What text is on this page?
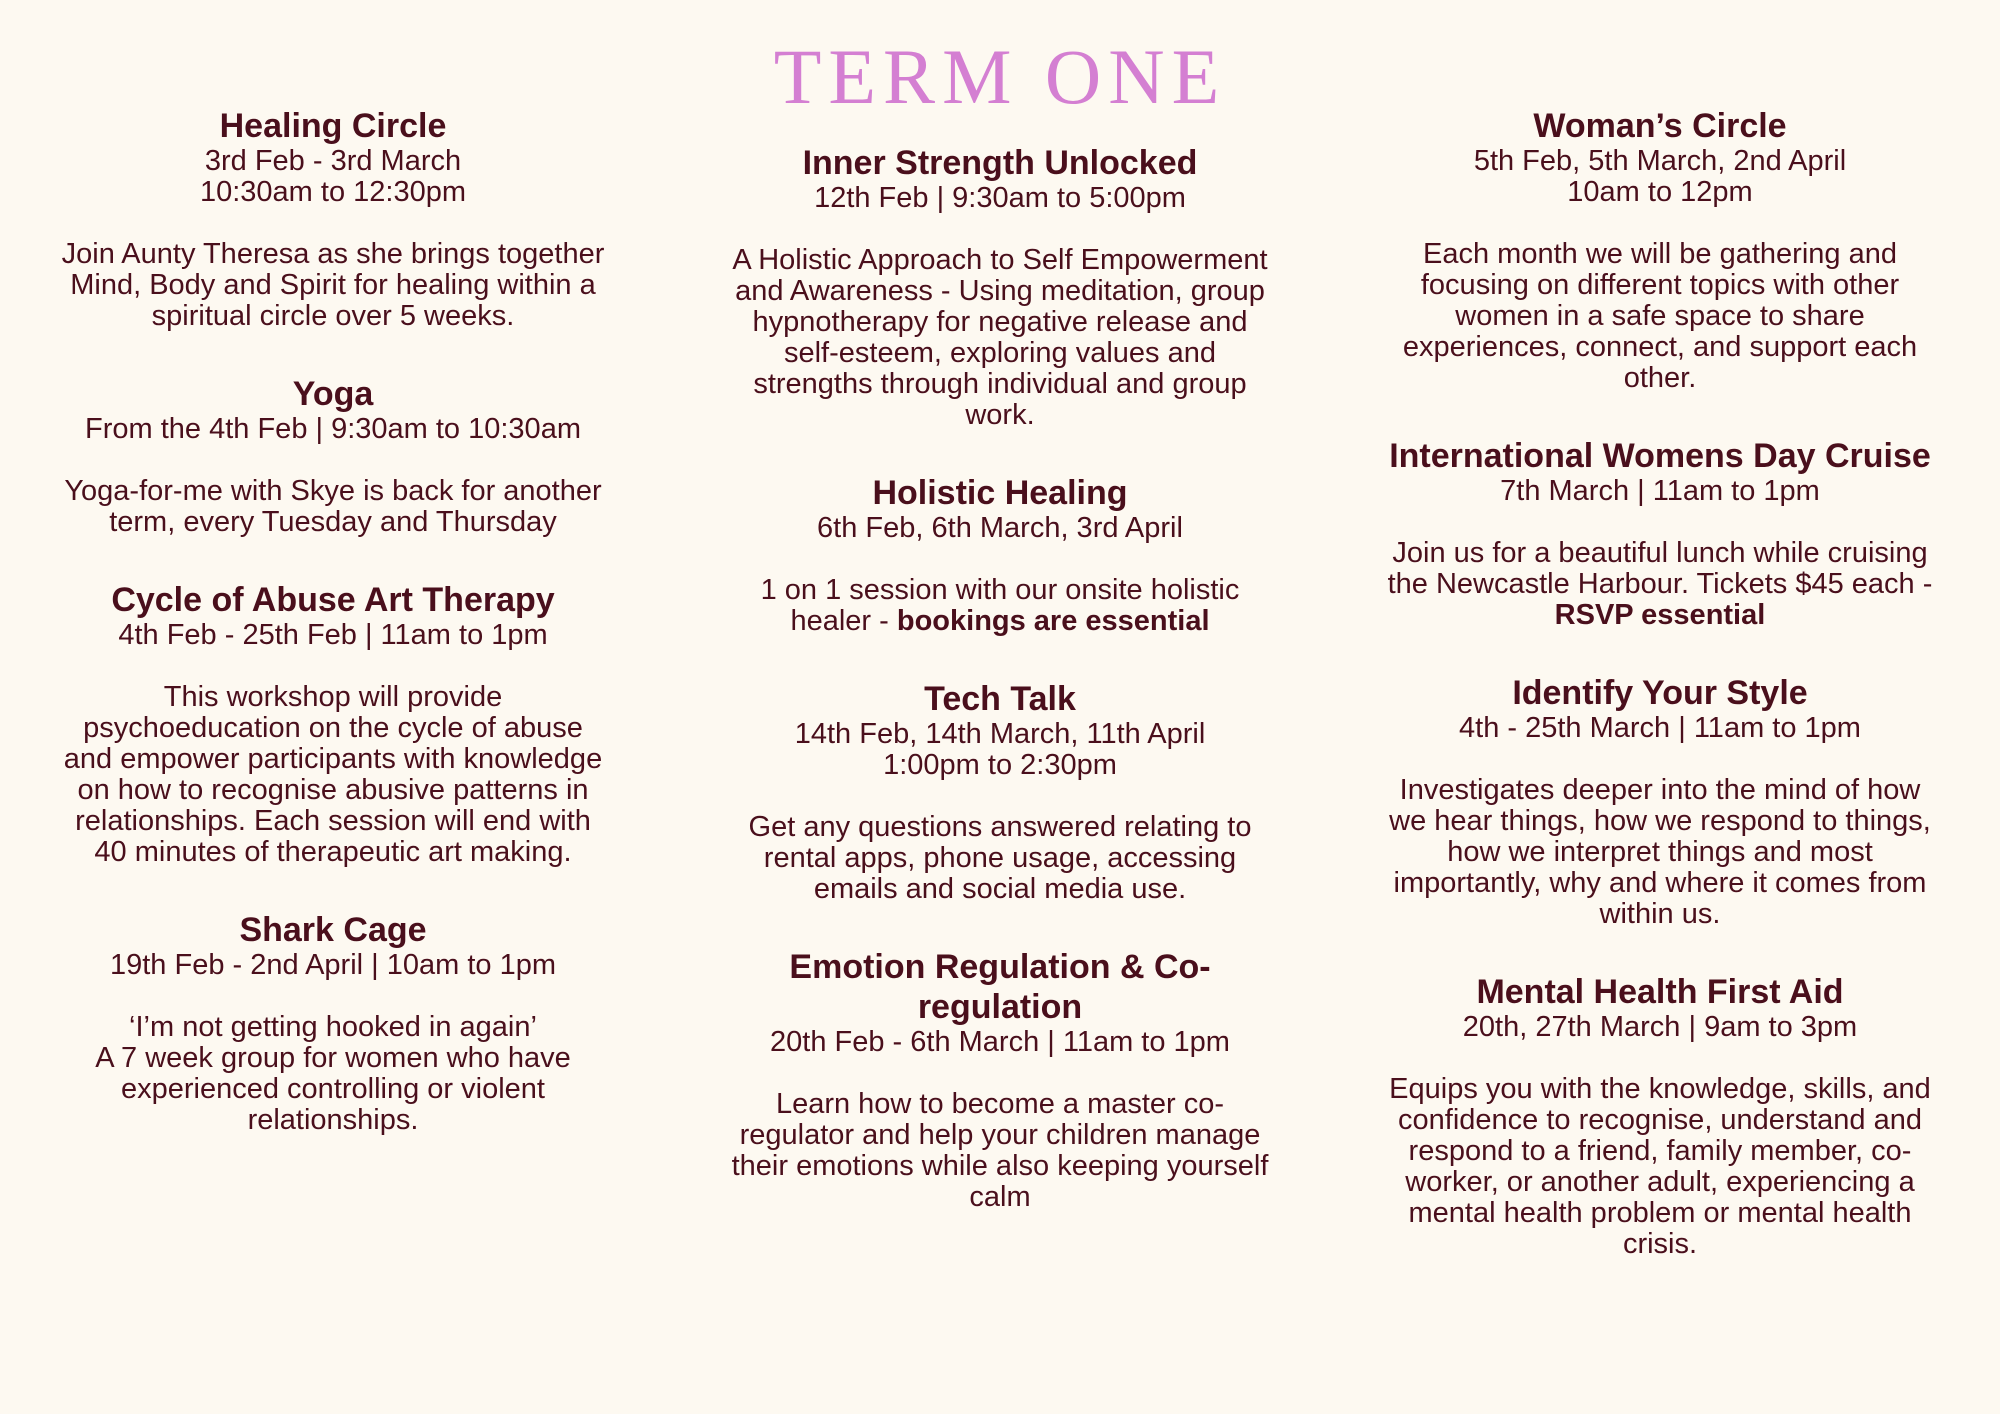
TERM ONE
Healing Circle
3rd Feb - 3rd March
10:30am to 12:30pm
Join Aunty Theresa as she brings together Mind, Body and Spirit for healing within a spiritual circle over 5 weeks.
Yoga
From the 4th Feb | 9:30am to 10:30am
Yoga-for-me with Skye is back for another term, every Tuesday and Thursday
Cycle of Abuse Art Therapy
4th Feb - 25th Feb | 11am to 1pm
This workshop will provide psychoeducation on the cycle of abuse and empower participants with knowledge on how to recognise abusive patterns in relationships. Each session will end with 40 minutes of therapeutic art making.
Shark Cage
19th Feb - 2nd April | 10am to 1pm
‘I’m not getting hooked in again’
A 7 week group for women who have experienced controlling or violent relationships.
Inner Strength Unlocked
12th Feb | 9:30am to 5:00pm
A Holistic Approach to Self Empowerment and Awareness - Using meditation, group hypnotherapy for negative release and self-esteem, exploring values and strengths through individual and group work.
Holistic Healing
6th Feb, 6th March, 3rd April
1 on 1 session with our onsite holistic healer - bookings are essential
Tech Talk
14th Feb, 14th March, 11th April
1:00pm to 2:30pm
Get any questions answered relating to rental apps, phone usage, accessing emails and social media use.
Emotion Regulation & Co-regulation
20th Feb - 6th March | 11am to 1pm
Learn how to become a master co-regulator and help your children manage their emotions while also keeping yourself calm
Woman’s Circle
5th Feb, 5th March, 2nd April
10am to 12pm
Each month we will be gathering and focusing on different topics with other women in a safe space to share experiences, connect, and support each other.
International Womens Day Cruise
7th March | 11am to 1pm
Join us for a beautiful lunch while cruising the Newcastle Harbour. Tickets $45 each - RSVP essential
Identify Your Style
4th - 25th March | 11am to 1pm
Investigates deeper into the mind of how we hear things, how we respond to things, how we interpret things and most importantly, why and where it comes from within us.
Mental Health First Aid
20th, 27th March | 9am to 3pm
Equips you with the knowledge, skills, and confidence to recognise, understand and respond to a friend, family member, co-worker, or another adult, experiencing a mental health problem or mental health crisis.
